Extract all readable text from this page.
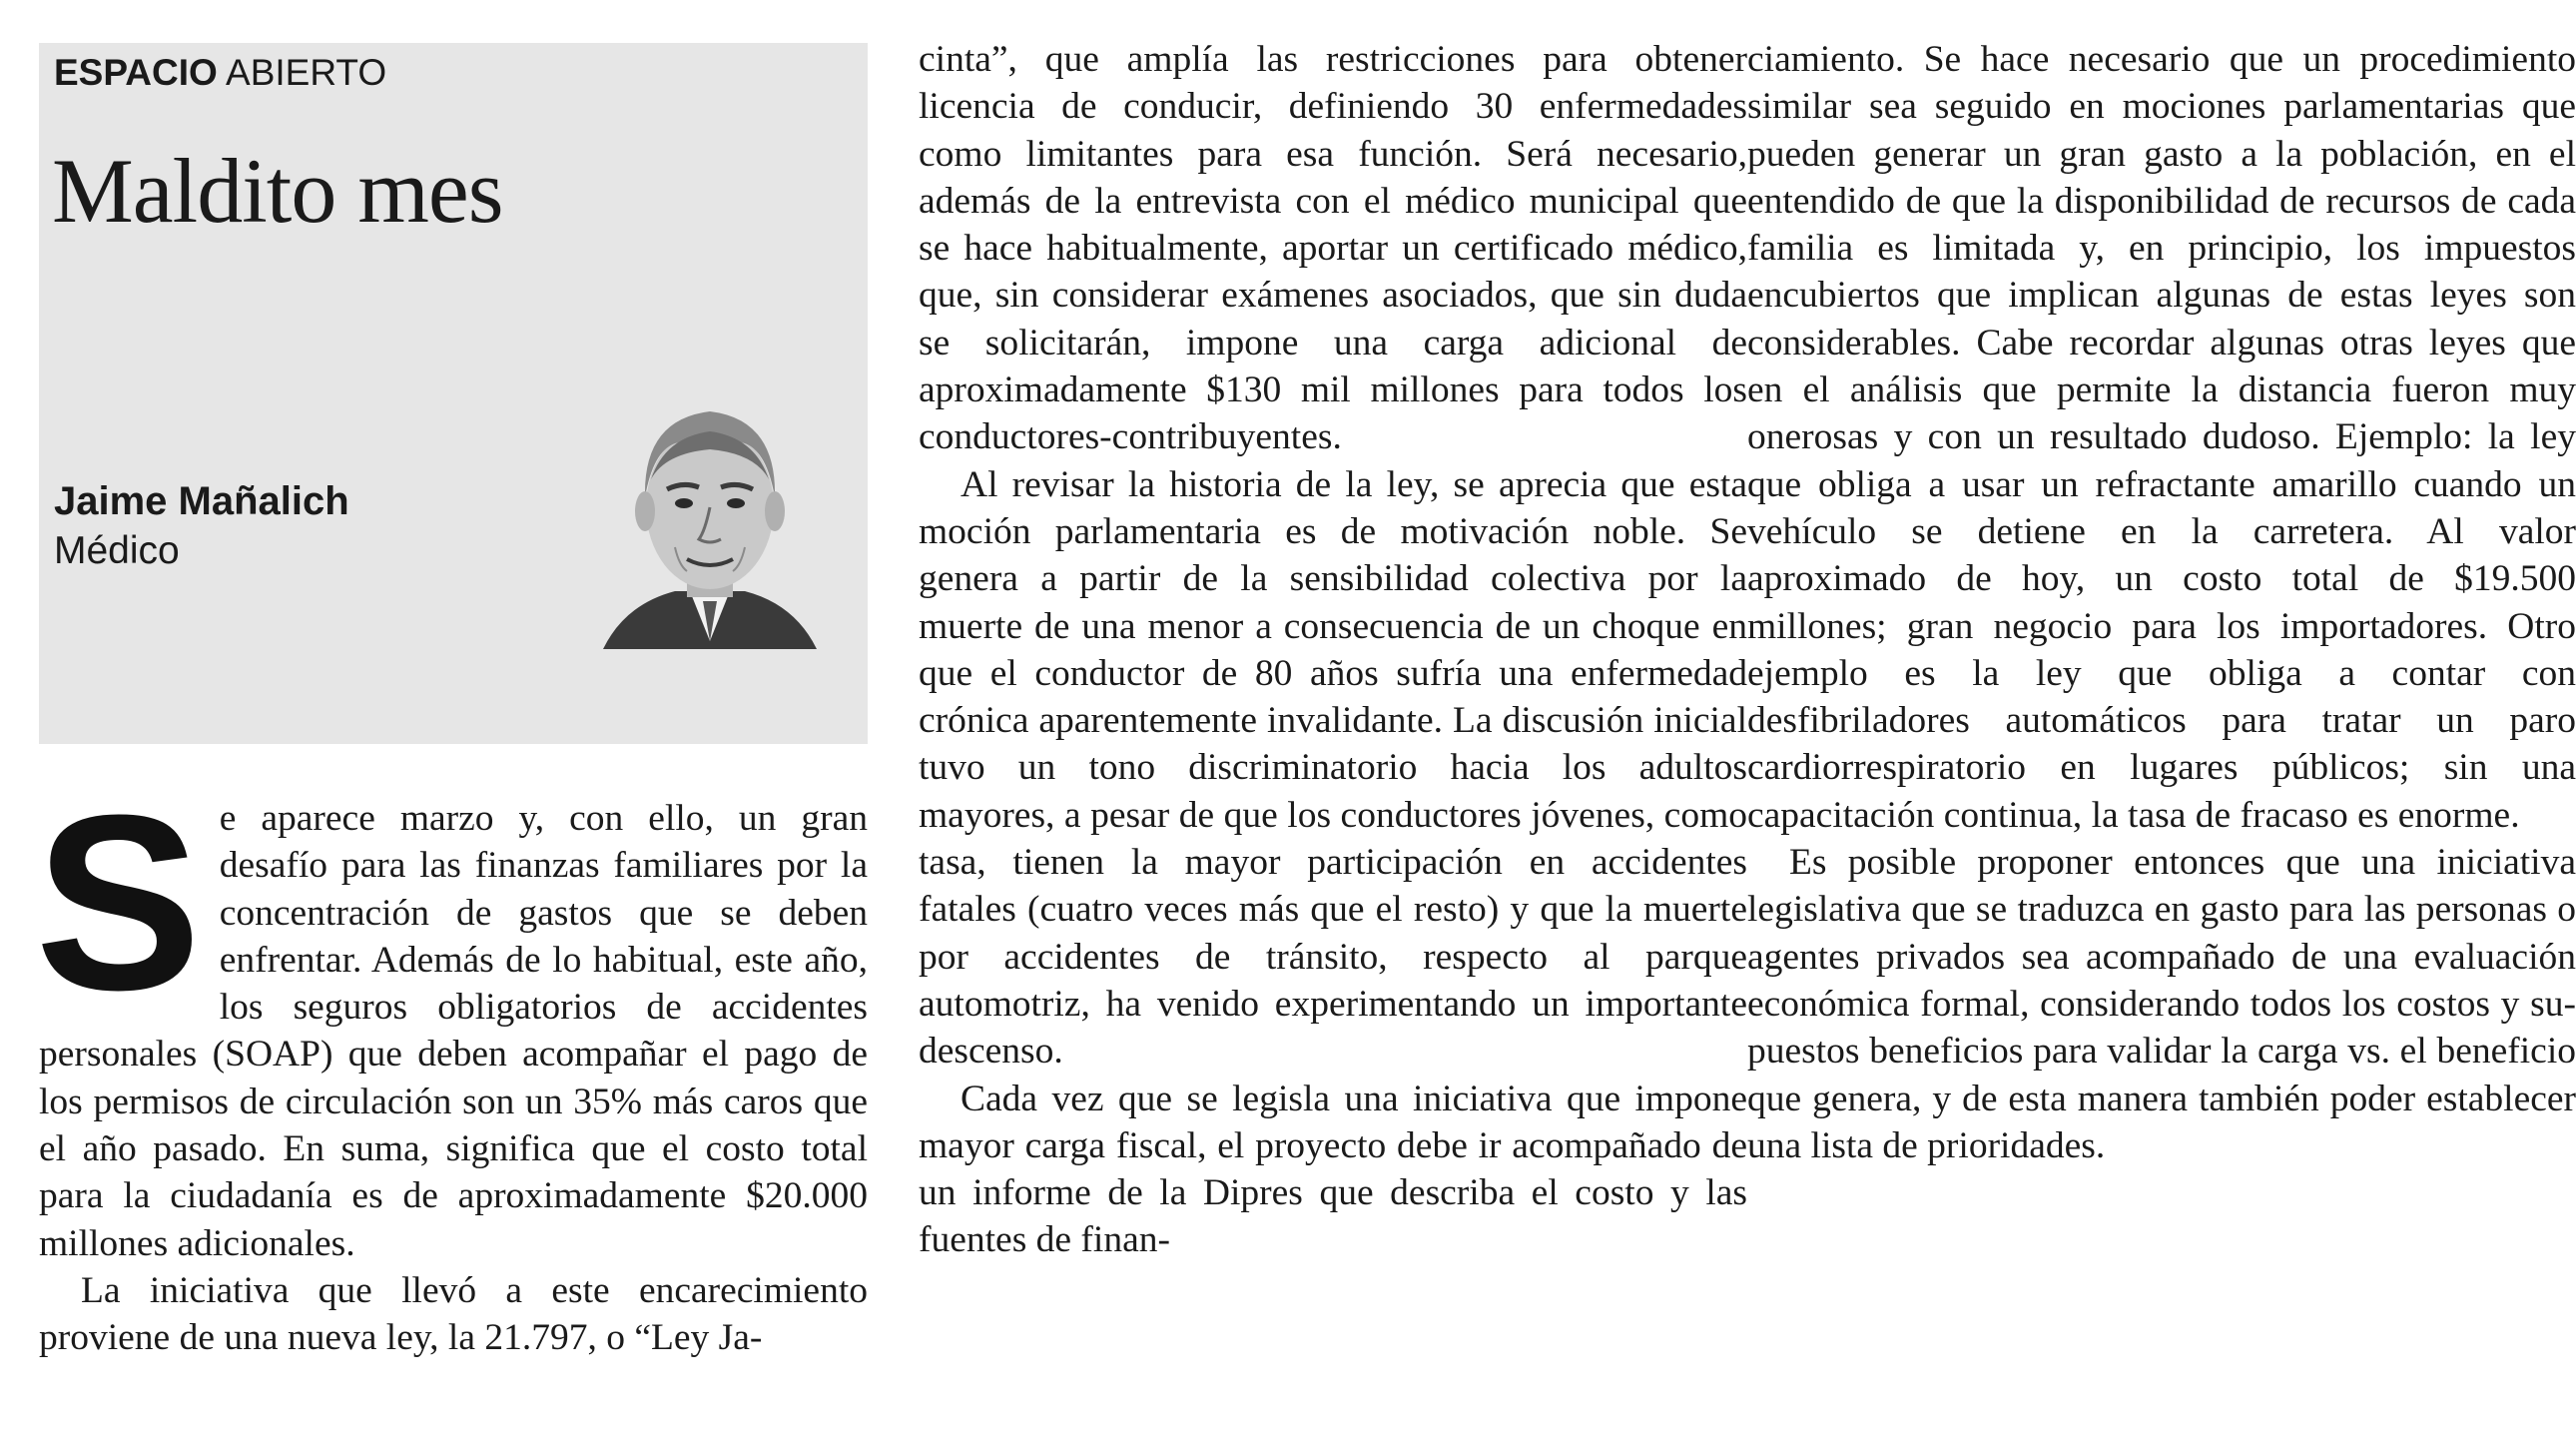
ESPACIO ABIERTO
Maldito mes
Jaime Mañalich
Médico

Se aparece marzo y, con ello, un gran desafío para las finanzas familiares por la concentración de gastos que se deben enfrentar. Además de lo habitual, este año, los seguros obligatorios de accidentes personales (SOAP) que deben acompañar el pago de los permisos de circulación son un 35% más caros que el año pasado. En suma, significa que el costo total para la ciudadanía es de aproximadamente $20.000 millones adicionales.

La iniciativa que llevó a este encarecimiento proviene de una nueva ley, la 21.797, o “Ley Ja-

cinta”, que amplía las restricciones para obtener licencia de conducir, definiendo 30 enfermedades como limitantes para esa función. Será necesario, además de la entrevista con el médico municipal que se hace habitualmente, aportar un certificado médico, que, sin considerar exámenes asociados, que sin duda se solicitarán, impone una carga adicional de aproximadamente $130 mil millones para todos los conductores-contribuyentes.

Al revisar la historia de la ley, se aprecia que esta moción parlamentaria es de motivación noble. Se genera a partir de la sensibilidad colectiva por la muerte de una menor a consecuencia de un choque en que el conductor de 80 años sufría una enfermedad crónica aparentemente invalidante. La discusión inicial tuvo un tono discriminatorio hacia los adultos mayores, a pesar de que los conductores jóvenes, como tasa, tienen la mayor participación en accidentes fatales (cuatro veces más que el resto) y que la muerte por accidentes de tránsito, respecto al parque automotriz, ha venido experimentando un importante descenso.

Cada vez que se legisla una iniciativa que impone mayor carga fiscal, el proyecto debe ir acompañado de un informe de la Dipres que describa el costo y las fuentes de finan-

ciamiento. Se hace necesario que un procedimiento similar sea seguido en mociones parlamentarias que pueden generar un gran gasto a la población, en el entendido de que la disponibilidad de recursos de cada familia es limitada y, en principio, los impuestos encubiertos que implican algunas de estas leyes son considerables. Cabe recordar algunas otras leyes que en el análisis que permite la distancia fueron muy onerosas y con un resultado dudoso. Ejemplo: la ley que obliga a usar un refractante amarillo cuando un vehículo se detiene en la carretera. Al valor aproximado de hoy, un costo total de $19.500 millones; gran negocio para los importadores. Otro ejemplo es la ley que obliga a contar con desfibriladores automáticos para tratar un paro cardiorrespiratorio en lugares públicos; sin una capacitación continua, la tasa de fracaso es enorme.

Es posible proponer entonces que una iniciativa legislativa que se traduzca en gasto para las personas o agentes privados sea acompañado de una evaluación económica formal, considerando todos los costos y supuestos beneficios para validar la carga vs. el beneficio que genera, y de esta manera también poder establecer una lista de prioridades.
